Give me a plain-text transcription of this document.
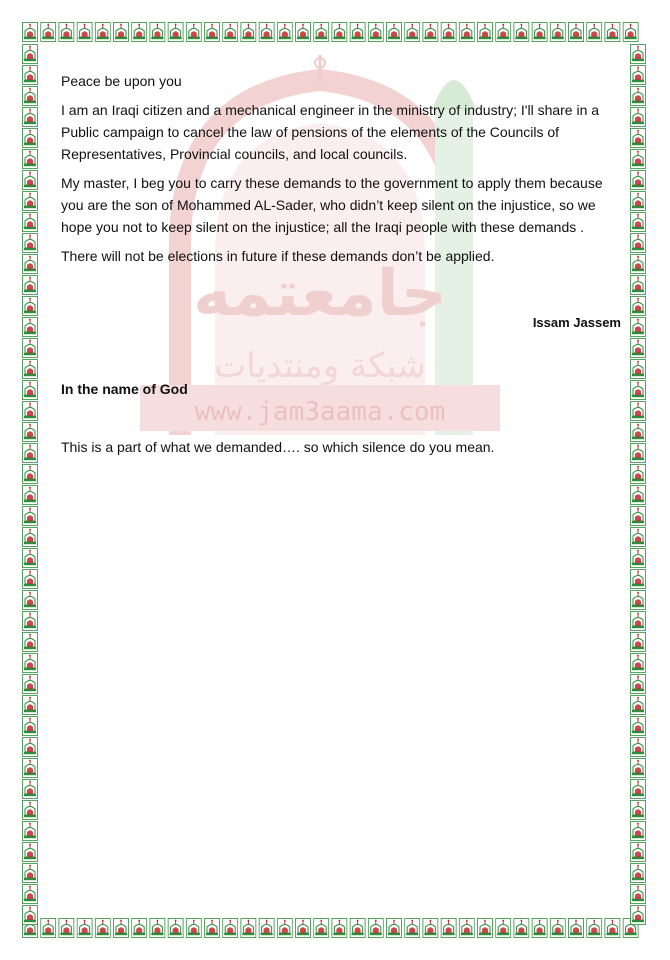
www.jam3aama.com
جامعتمه
شبكة ومنتديات

Peace be upon you

I am an Iraqi citizen and a mechanical engineer in the ministry of industry; I'll share in a Public campaign to cancel the law of pensions of the elements of the Councils of Representatives, Provincial councils, and local councils.

My master, I beg you to carry these demands to the government to apply them because you are the son of Mohammed AL-Sader, who didn’t keep silent on the injustice, so we hope you not to keep silent on the injustice; all the Iraqi people with these demands .

There will not be elections in future if these demands don’t be applied.

Issam Jassem

In the name of God

This is a part of what we demanded…. so which silence do you mean.
